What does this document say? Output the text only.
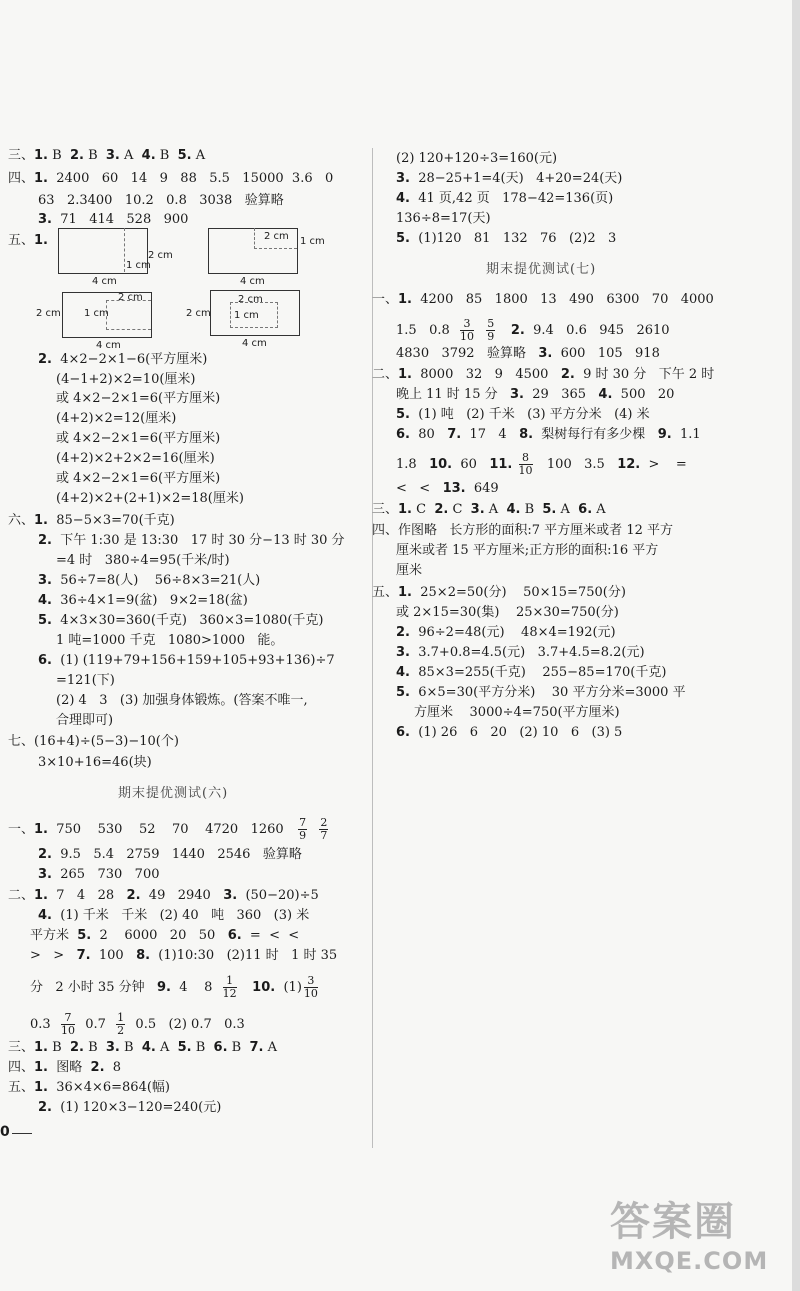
三、1. B  2. B  3. A  4. B  5. A
四、1.  2400   60   14   9   88   5.5   15000  3.6   0
63   2.3400   10.2   0.8   3038   验算略
3.  71   414   528   900
五、1.
2 cm
1 cm
4 cm
2 cm 1 cm
4 cm
2 cm
1 cm
2 cm
4 cm
2 cm
1 cm
2 cm
4 cm
2.  4×2−2×1−6(平方厘米)
(4−1+2)×2=10(厘米)
或 4×2−2×1=6(平方厘米)
(4+2)×2=12(厘米)
或 4×2−2×1=6(平方厘米)
(4+2)×2+2×2=16(厘米)
或 4×2−2×1=6(平方厘米)
(4+2)×2+(2+1)×2=18(厘米)
六、1.  85−5×3=70(千克)
2.  下午 1:30 是 13:30   17 时 30 分−13 时 30 分
=4 时   380÷4=95(千米/时)
3.  56÷7=8(人)    56÷8×3=21(人)
4.  36÷4×1=9(盆)   9×2=18(盆)
5.  4×3×30=360(千克)   360×3=1080(千克)
1 吨=1000 千克   1080>1000   能。
6.  (1) (119+79+156+159+105+93+136)÷7
=121(下)
(2) 4   3   (3) 加强身体锻炼。(答案不唯一,
合理即可)
七、(16+4)÷(5−3)−10(个)
3×10+16=46(块)
期末提优测试(六)
一、1.  750    530    52    70    4720   $1260 \frac{7}{9}$
$\frac{2}{7}$
2.  9.5   5.4   2759   1440   2546   验算略
3.  265   730   700
二、1.  7   4   28   2.  49   2940   3.  (50−20)÷5
4.  (1) 千米   千米   (2) 40   吨   360   (3) 米
平方米  5.  2    6000   20   50   6.  =  <  <
>   >   7.  100   8.  (1)10:30   (2)11 时   1 时 35
分   2 小时 35 分钟   9.  4    $8 \frac{1}{12} 10$.  $(1) \frac{3}{10}$
$0.3 \frac{7}{10} 0.7 \frac{1}{2} 0.5$   (2) 0.7   0.3
三、1. B  2. B  3. B  4. A  5. B  6. B  7. A
四、1.  图略  2.  8
五、1.  36×4×6=864(幅)
2.  (1) 120×3−120=240(元)
(2) 120+120÷3=160(元)
3.  28−25+1=4(天)   4+20=24(天)
4.  41 页,42 页   178−42=136(页)
136÷8=17(天)
5.  (1)120   81   132   76   (2)2   3
期末提优测试(七)
一、1.  4200   85   1800   13   490   6300   70   4000
1.5   $0.8 \frac{3}{10}$
$\frac{5}{9} 2$.  9.4   0.6   945   2610
4830   3792   验算略   3.  600   105   918
二、1.  8000   32   9   4500   2.  9 时 30 分   下午 2 时
晚上 11 时 15 分   3.  29   365   4.  500   20
5.  (1) 吨   (2) 千米   (3) 平方分米   (4) 米
6.  80   7.  17   4   8.  梨树每行有多少棵   9.  1.1
1.8   10.  60   11. $\frac{8}{10} 100$   3.5   12.  >    =
<   <   13.  649
三、1. C  2. C  3. A  4. B  5. A  6. A
四、作图略   长方形的面积:7 平方厘米或者 12 平方
厘米或者 15 平方厘米;正方形的面积:16 平方
厘米
五、1.  25×2=50(分)    50×15=750(分)
或 2×15=30(集)    25×30=750(分)
2.  96÷2=48(元)    48×4=192(元)
3.  3.7+0.8=4.5(元)   3.7+4.5=8.2(元)
4.  85×3=255(千克)    255−85=170(千克)
5.  6×5=30(平方分米)    30 平方分米=3000 平
方厘米    3000÷4=750(平方厘米)
6.  (1) 26   6   20   (2) 10   6   (3) 5
0
答案圈
MXQE.COM
